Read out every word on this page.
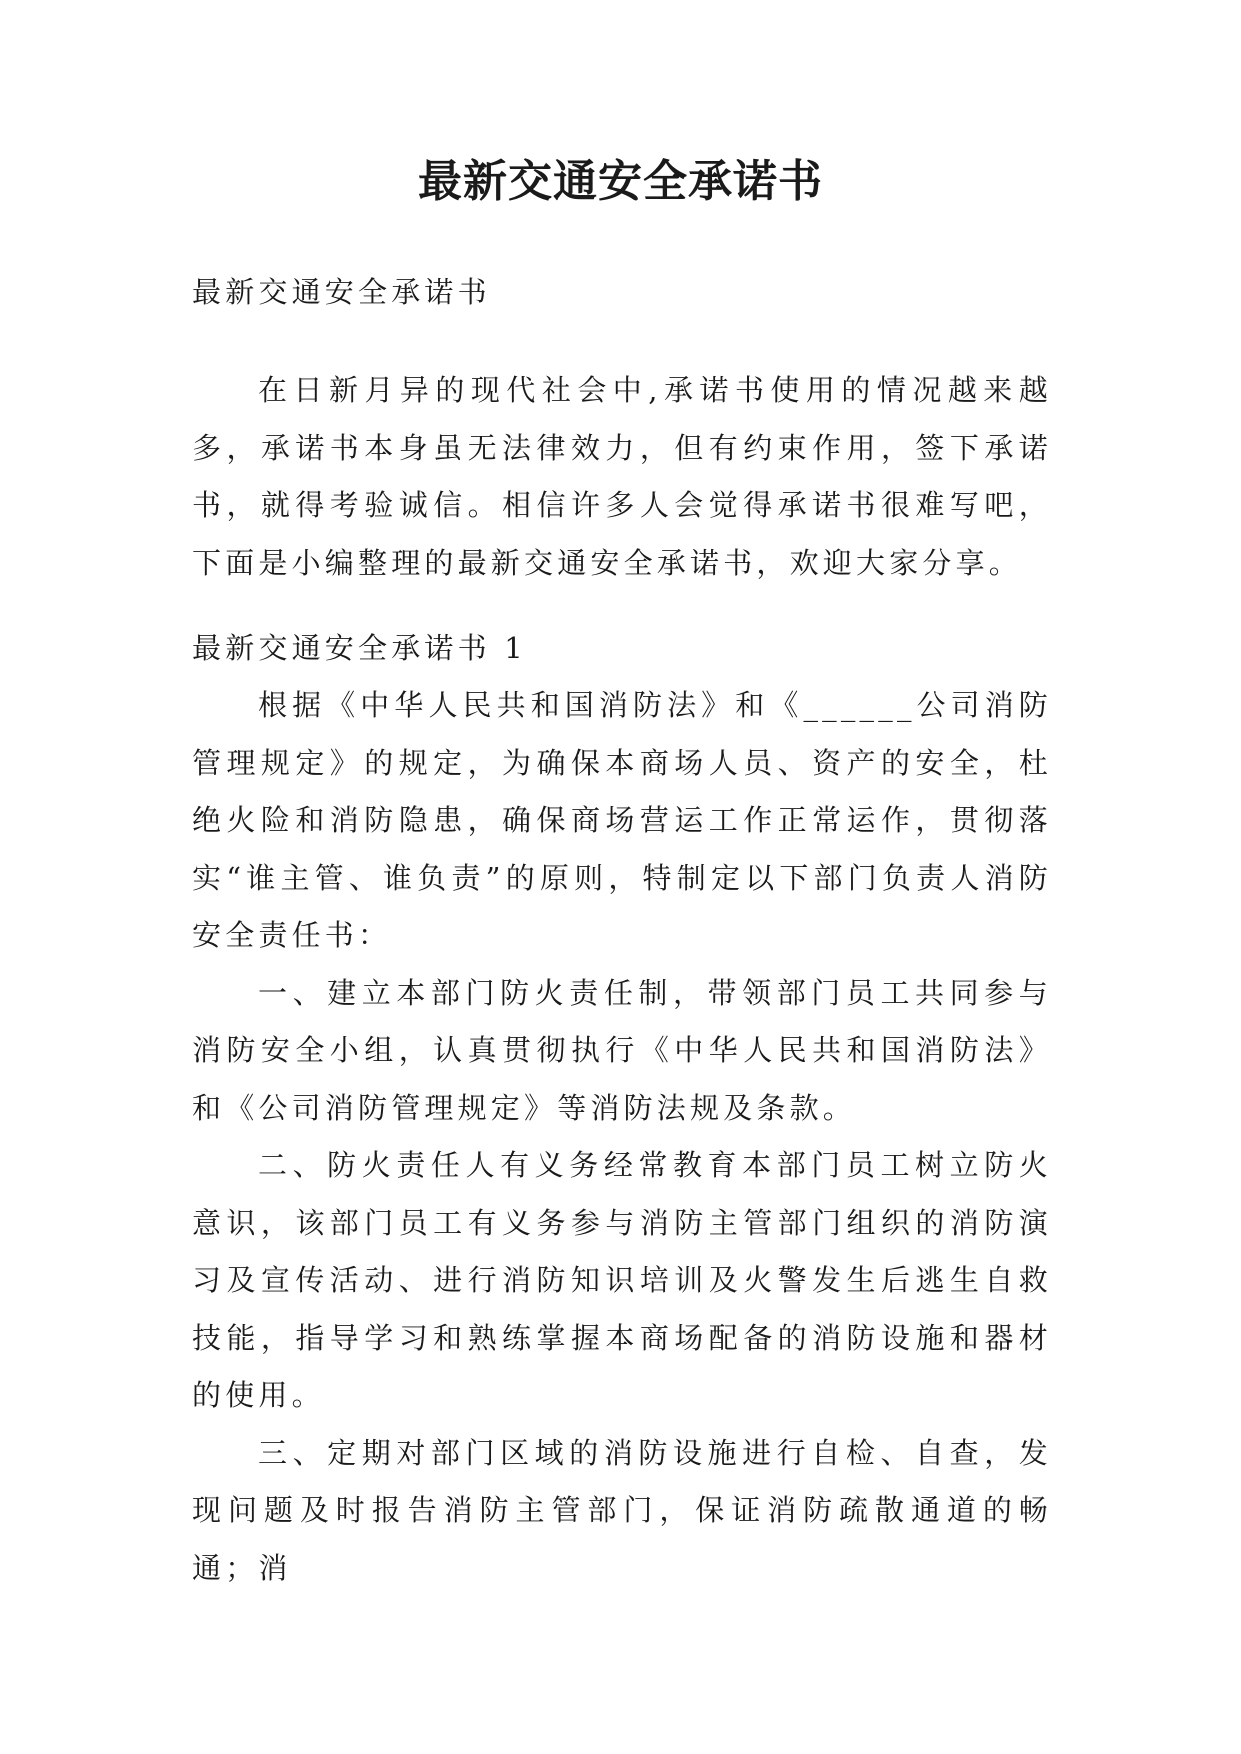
最新交通安全承诺书

最新交通安全承诺书

在日新月异的现代社会中,承诺书使用的情况越来越多，承诺书本身虽无法律效力，但有约束作用，签下承诺书，就得考验诚信。相信许多人会觉得承诺书很难写吧，下面是小编整理的最新交通安全承诺书，欢迎大家分享。

最新交通安全承诺书 1

根据《中华人民共和国消防法》和《______公司消防管理规定》的规定，为确保本商场人员、资产的安全，杜绝火险和消防隐患，确保商场营运工作正常运作，贯彻落实“谁主管、谁负责”的原则，特制定以下部门负责人消防安全责任书：

一、建立本部门防火责任制，带领部门员工共同参与消防安全小组，认真贯彻执行《中华人民共和国消防法》和《公司消防管理规定》等消防法规及条款。

二、防火责任人有义务经常教育本部门员工树立防火意识，该部门员工有义务参与消防主管部门组织的消防演习及宣传活动、进行消防知识培训及火警发生后逃生自救技能，指导学习和熟练掌握本商场配备的消防设施和器材的使用。

三、定期对部门区域的消防设施进行自检、自查，发现问题及时报告消防主管部门，保证消防疏散通道的畅通；消
